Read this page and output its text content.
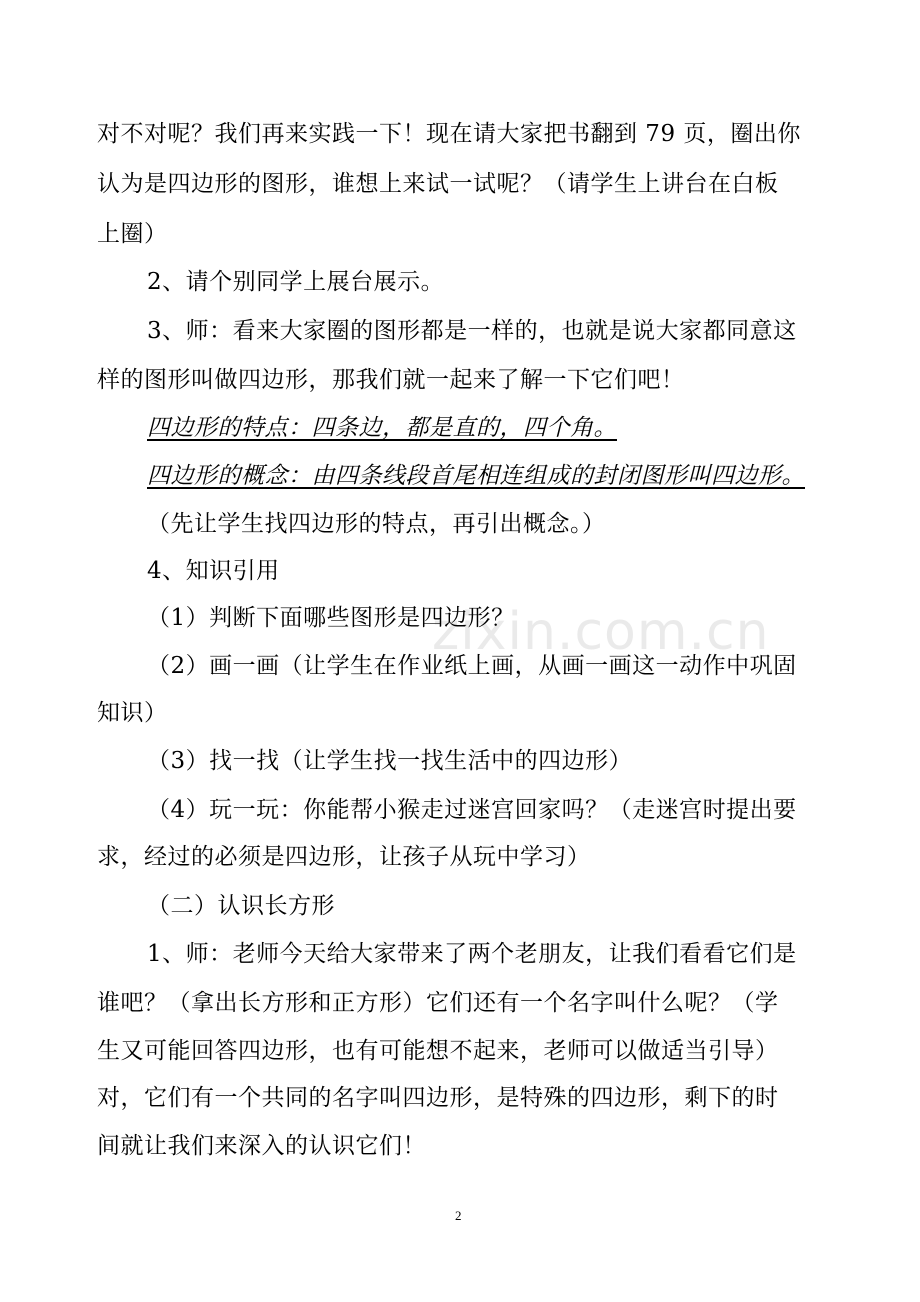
zixin.com.cn
对不对呢？我们再来实践一下！现在请大家把书翻到 79 页，圈出你
认为是四边形的图形，谁想上来试一试呢？（请学生上讲台在白板
上圈）
2、请个别同学上展台展示。
3、师：看来大家圈的图形都是一样的，也就是说大家都同意这
样的图形叫做四边形，那我们就一起来了解一下它们吧！
四边形的特点：四条边，都是直的，四个角。
四边形的概念：由四条线段首尾相连组成的封闭图形叫四边形。
（先让学生找四边形的特点，再引出概念。）
4、知识引用
（1）判断下面哪些图形是四边形？
（2）画一画（让学生在作业纸上画，从画一画这一动作中巩固
知识）
（3）找一找（让学生找一找生活中的四边形）
（4）玩一玩：你能帮小猴走过迷宫回家吗？（走迷宫时提出要
求，经过的必须是四边形，让孩子从玩中学习）
（二）认识长方形
1、师：老师今天给大家带来了两个老朋友，让我们看看它们是
谁吧？（拿出长方形和正方形）它们还有一个名字叫什么呢？（学
生又可能回答四边形，也有可能想不起来，老师可以做适当引导）
对，它们有一个共同的名字叫四边形，是特殊的四边形，剩下的时
间就让我们来深入的认识它们！
2
